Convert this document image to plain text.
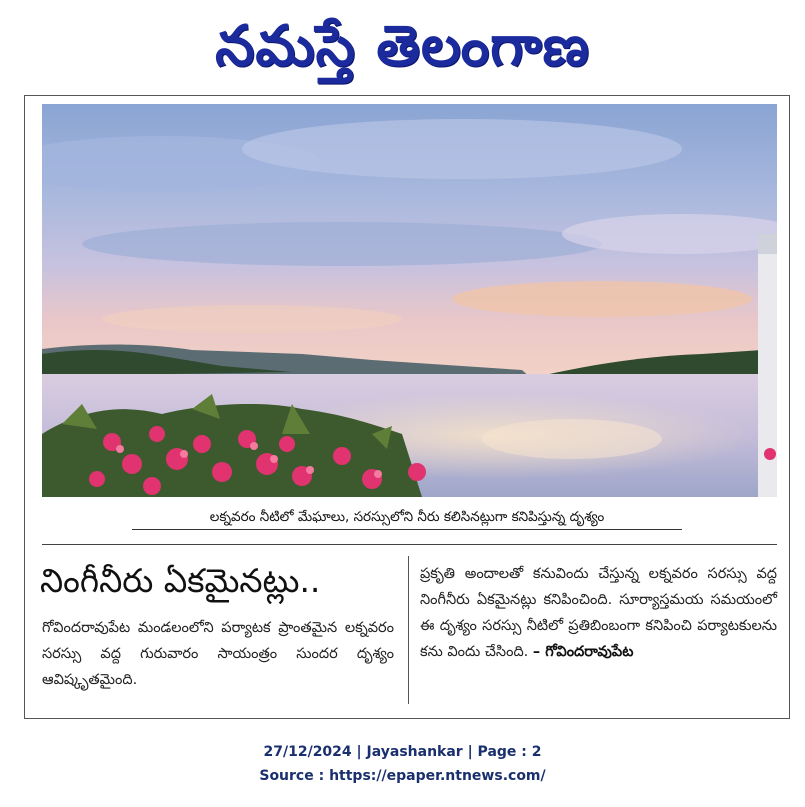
నమస్తే తెలంగాణ
లక్నవరం నీటిలో మేఘాలు, సరస్సులోని నీరు కలిసినట్లుగా కనిపిస్తున్న దృశ్యం
నింగీనీరు ఏకమైనట్లు..
గోవిందరావుపేట మండలంలోని పర్యాటక ప్రాంతమైన లక్నవరం సరస్సు వద్ద గురువారం సాయంత్రం సుందర దృశ్యం ఆవిష్కృతమైంది.
ప్రకృతి అందాలతో కనువిందు చేస్తున్న లక్నవరం సరస్సు వద్ద నింగీనీరు ఏకమైనట్లు కనిపించింది. సూర్యాస్తమయ సమయంలో ఈ దృశ్యం సరస్సు నీటిలో ప్రతిబింబంగా కనిపించి పర్యాటకులను కను విందు చేసింది. – గోవిందరావుపేట
27/12/2024 | Jayashankar | Page : 2
Source : https://epaper.ntnews.com/
